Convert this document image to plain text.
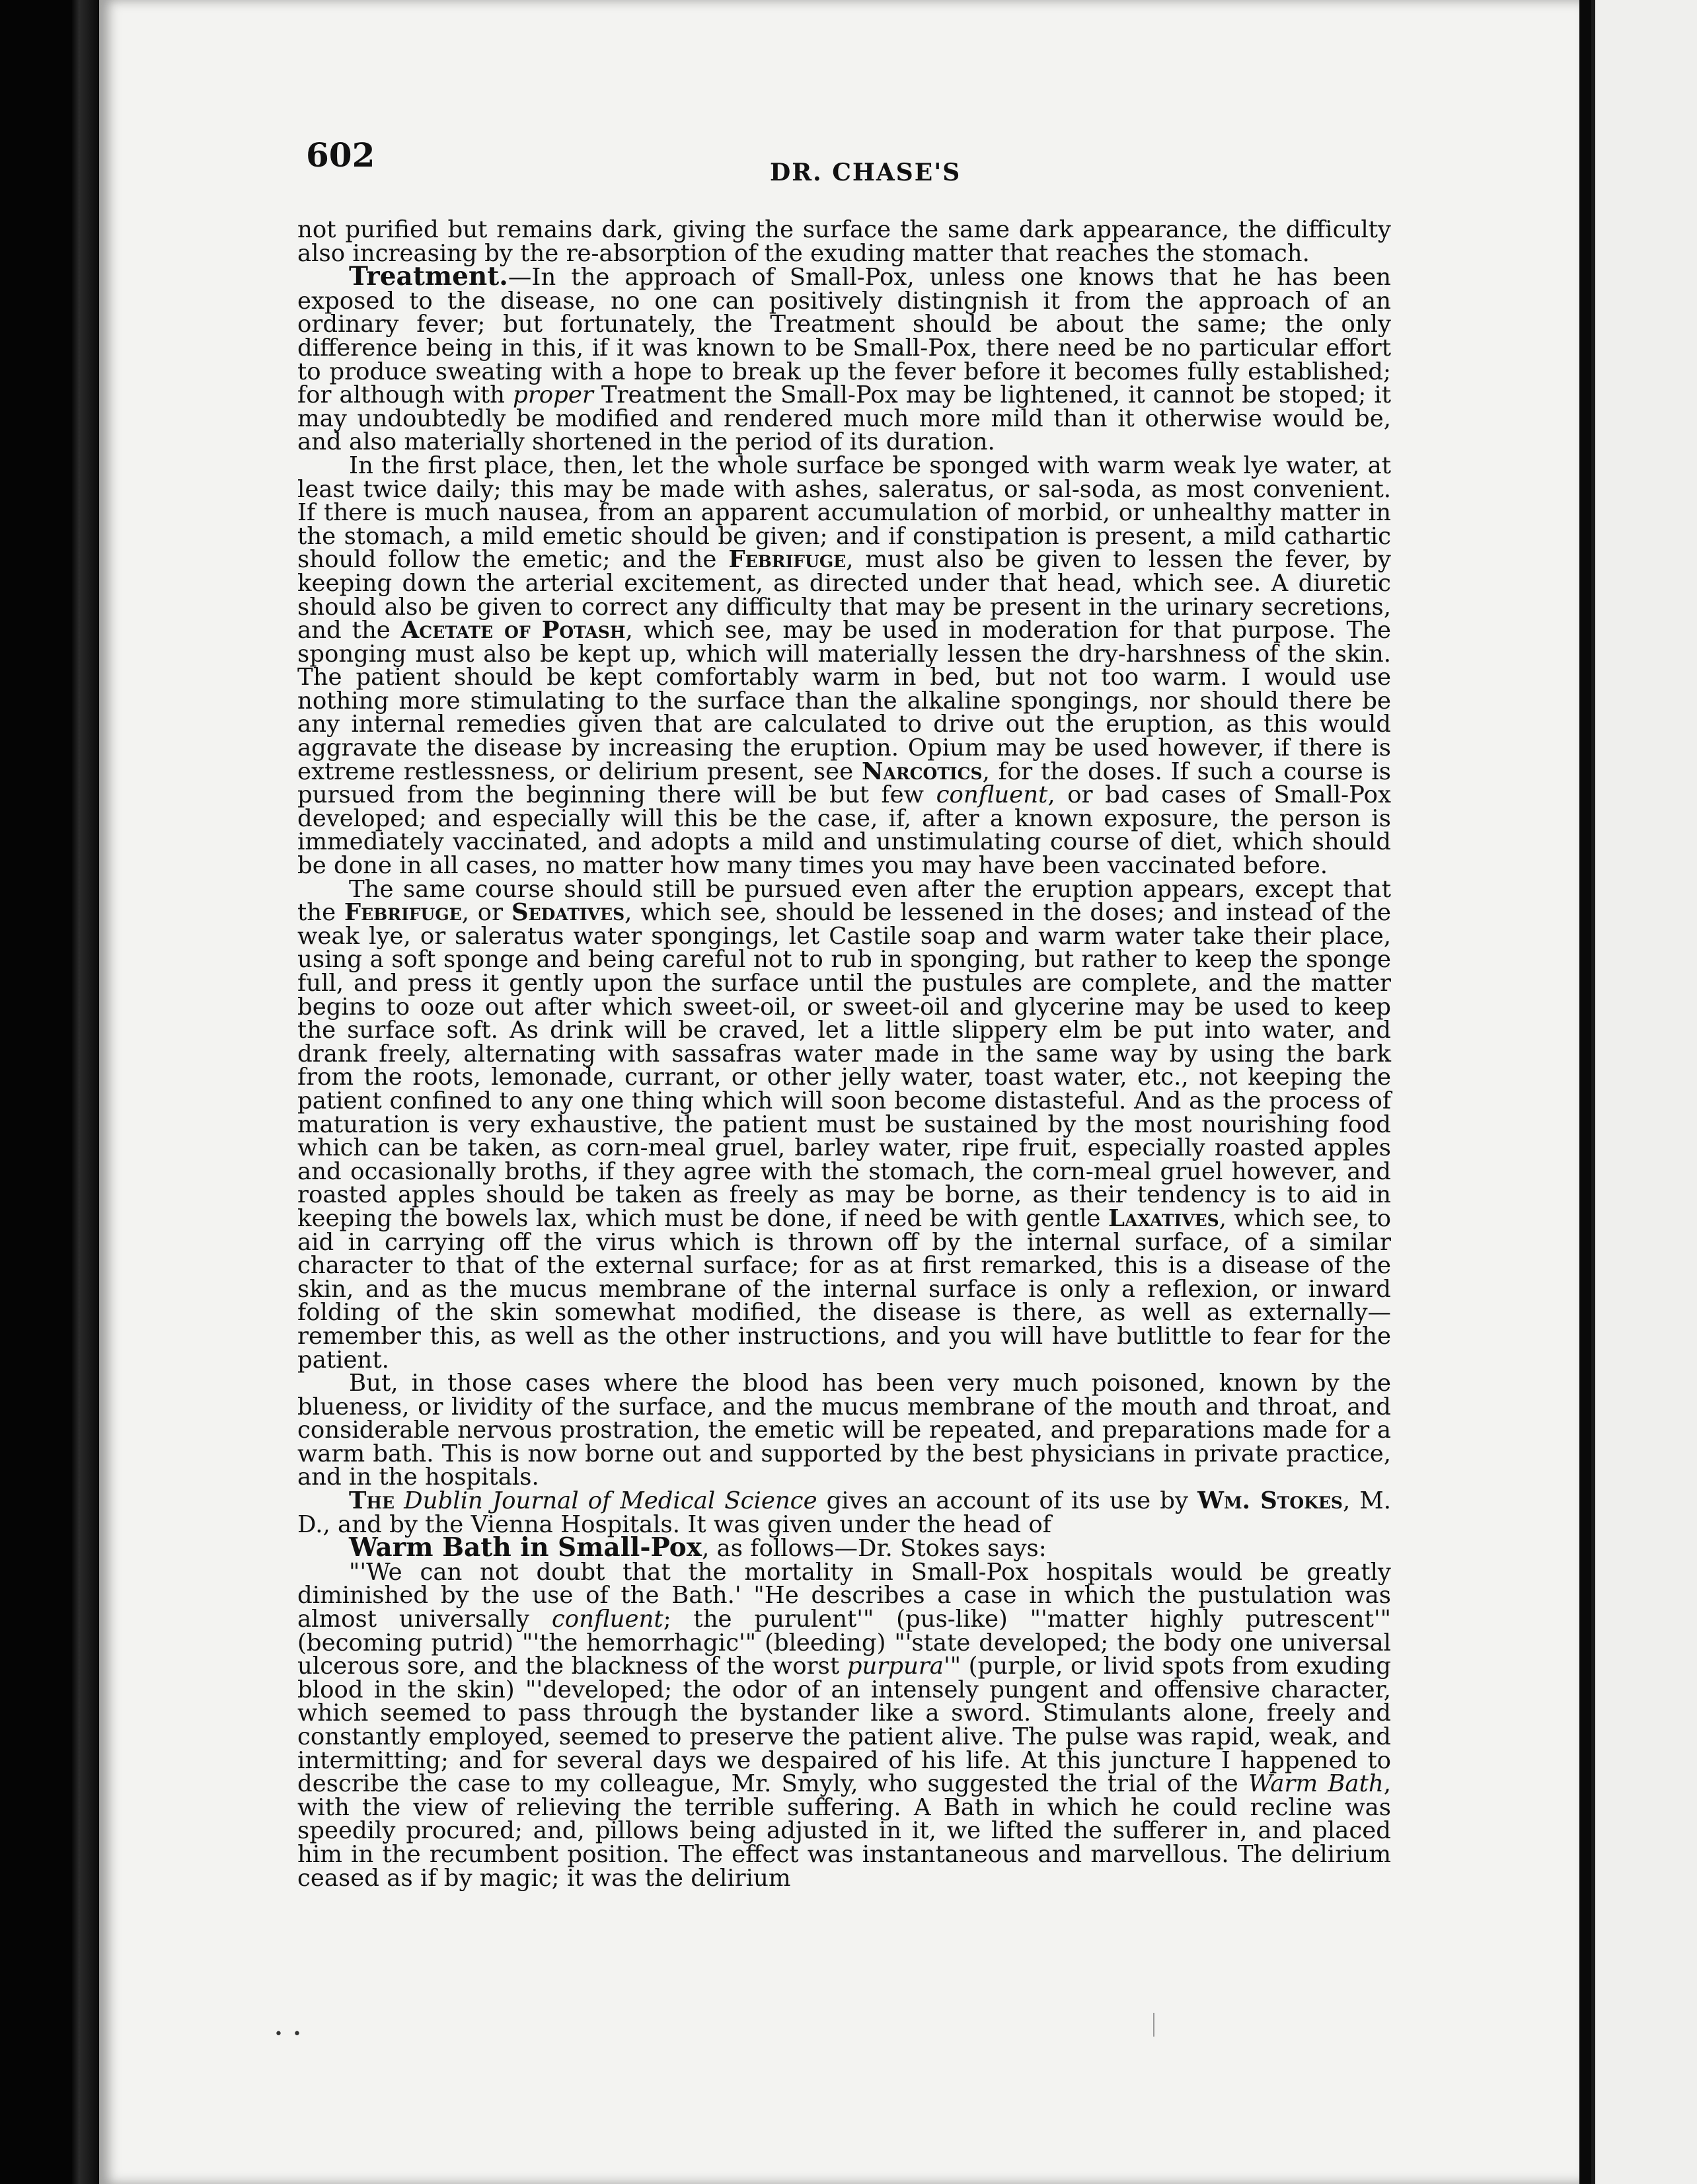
602	DR. CHASE'S

not purified but remains dark, giving the surface the same dark appearance, the difficulty also increasing by the re-absorption of the exuding matter that reaches the stomach.

Treatment.—In the approach of Small-Pox, unless one knows that he has been exposed to the disease, no one can positively distingnish it from the approach of an ordinary fever; but fortunately, the Treatment should be about the same; the only difference being in this, if it was known to be Small-Pox, there need be no particular effort to produce sweating with a hope to break up the fever before it becomes fully established; for although with proper Treatment the Small-Pox may be lightened, it cannot be stoped; it may undoubtedly be modified and rendered much more mild than it otherwise would be, and also materially shortened in the period of its duration.

In the first place, then, let the whole surface be sponged with warm weak lye water, at least twice daily; this may be made with ashes, saleratus, or sal-soda, as most convenient. If there is much nausea, from an apparent accumulation of morbid, or unhealthy matter in the stomach, a mild emetic should be given; and if constipation is present, a mild cathartic should follow the emetic; and the Febrifuge, must also be given to lessen the fever, by keeping down the arterial excitement, as directed under that head, which see. A diuretic should also be given to correct any difficulty that may be present in the urinary secretions, and the Acetate of Potash, which see, may be used in moderation for that purpose. The sponging must also be kept up, which will materially lessen the dry-harshness of the skin. The patient should be kept comfortably warm in bed, but not too warm. I would use nothing more stimulating to the surface than the alkaline spongings, nor should there be any internal remedies given that are calculated to drive out the eruption, as this would aggravate the disease by increasing the eruption. Opium may be used however, if there is extreme restlessness, or delirium present, see Narcotics, for the doses. If such a course is pursued from the beginning there will be but few confluent, or bad cases of Small-Pox developed; and especially will this be the case, if, after a known exposure, the person is immediately vaccinated, and adopts a mild and unstimulating course of diet, which should be done in all cases, no matter how many times you may have been vaccinated before.

The same course should still be pursued even after the eruption appears, except that the Febrifuge, or Sedatives, which see, should be lessened in the doses; and instead of the weak lye, or saleratus water spongings, let Castile soap and warm water take their place, using a soft sponge and being careful not to rub in sponging, but rather to keep the sponge full, and press it gently upon the surface until the pustules are complete, and the matter begins to ooze out after which sweet-oil, or sweet-oil and glycerine may be used to keep the surface soft. As drink will be craved, let a little slippery elm be put into water, and drank freely, alternating with sassafras water made in the same way by using the bark from the roots, lemonade, currant, or other jelly water, toast water, etc., not keeping the patient confined to any one thing which will soon become distasteful. And as the process of maturation is very exhaustive, the patient must be sustained by the most nourishing food which can be taken, as corn-meal gruel, barley water, ripe fruit, especially roasted apples and occasionally broths, if they agree with the stomach, the corn-meal gruel however, and roasted apples should be taken as freely as may be borne, as their tendency is to aid in keeping the bowels lax, which must be done, if need be with gentle Laxatives, which see, to aid in carrying off the virus which is thrown off by the internal surface, of a similar character to that of the external surface; for as at first remarked, this is a disease of the skin, and as the mucus membrane of the internal surface is only a reflexion, or inward folding of the skin somewhat modified, the disease is there, as well as externally—remember this, as well as the other instructions, and you will have butlittle to fear for the patient.

But, in those cases where the blood has been very much poisoned, known by the blueness, or lividity of the surface, and the mucus membrane of the mouth and throat, and considerable nervous prostration, the emetic will be repeated, and preparations made for a warm bath. This is now borne out and supported by the best physicians in private practice, and in the hospitals.

The Dublin Journal of Medical Science gives an account of its use by Wm. Stokes, M. D., and by the Vienna Hospitals. It was given under the head of

Warm Bath in Small-Pox, as follows—Dr. Stokes says:

"'We can not doubt that the mortality in Small-Pox hospitals would be greatly diminished by the use of the Bath.' "He describes a case in which the pustulation was almost universally confluent; the purulent'" (pus-like) "'matter highly putrescent'" (becoming putrid) "'the hemorrhagic'" (bleeding) "'state developed; the body one universal ulcerous sore, and the blackness of the worst purpura'" (purple, or livid spots from exuding blood in the skin) "'developed; the odor of an intensely pungent and offensive character, which seemed to pass through the bystander like a sword. Stimulants alone, freely and constantly employed, seemed to preserve the patient alive. The pulse was rapid, weak, and intermitting; and for several days we despaired of his life. At this juncture I happened to describe the case to my colleague, Mr. Smyly, who suggested the trial of the Warm Bath, with the view of relieving the terrible suffering. A Bath in which he could recline was speedily procured; and, pillows being adjusted in it, we lifted the sufferer in, and placed him in the recumbent position. The effect was instantaneous and marvellous. The delirium ceased as if by magic; it was the delirium

• •
